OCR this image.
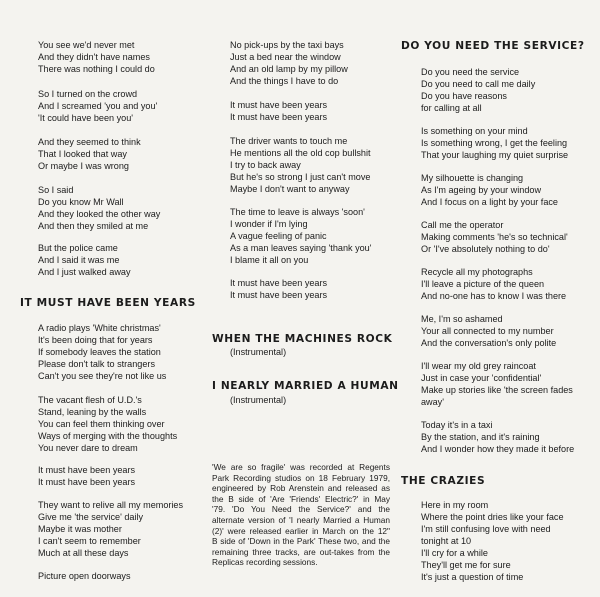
You see we'd never met
And they didn't have names
There was nothing I could do
So I turned on the crowd
And I screamed 'you and you'
'It could have been you'
And they seemed to think
That I looked that way
Or maybe I was wrong
So I said
Do you know Mr Wall
And they looked the other way
And then they smiled at me
But the police came
And I said it was me
And I just walked away
IT MUST HAVE BEEN YEARS
A radio plays 'White christmas'
It's been doing that for years
If somebody leaves the station
Please don't talk to strangers
Can't you see they're not like us
The vacant flesh of U.D.'s
Stand, leaning by the walls
You can feel them thinking over
Ways of merging with the thoughts
You never dare to dream
It must have been years
It must have been years
They want to relive all my memories
Give me 'the service' daily
Maybe it was mother
I can't seem to remember
Much at all these days
Picture open doorways
No pick-ups by the taxi bays
Just a bed near the window
And an old lamp by my pillow
And the things I have to do
It must have been years
It must have been years
The driver wants to touch me
He mentions all the old cop bullshit
I try to back away
But he's so strong I just can't move
Maybe I don't want to anyway
The time to leave is always 'soon'
I wonder if I'm lying
A vague feeling of panic
As a man leaves saying 'thank you'
I blame it all on you
It must have been years
It must have been years
WHEN THE MACHINES ROCK
(Instrumental)
I NEARLY MARRIED A HUMAN
(Instrumental)
'We are so fragile' was recorded at Regents
Park Recording studios on 18 February 1979,
engineered by Rob Arenstein and released as
the B side of 'Are 'Friends' Electric?' in May
'79. 'Do You Need the Service?' and the
alternate version of 'I nearly Married a Human
(2)' were released earlier in March on the 12"
B side of 'Down in the Park' These two, and the
remaining three tracks, are out-takes from the
Replicas recording sessions.
DO YOU NEED THE SERVICE?
Do you need the service
Do you need to call me daily
Do you have reasons
for calling at all
Is something on your mind
Is something wrong, I get the feeling
That your laughing my quiet surprise
My silhouette is changing
As I'm ageing by your window
And I focus on a light by your face
Call me the operator
Making comments 'he's so technical'
Or 'I've absolutely nothing to do'
Recycle all my photographs
I'll leave a picture of the queen
And no-one has to know I was there
Me, I'm so ashamed
Your all connected to my number
And the conversation's only polite
I'll wear my old grey raincoat
Just in case your 'confidential'
Make up stories like 'the screen fades
away'
Today it's in a taxi
By the station, and it's raining
And I wonder how they made it before
THE CRAZIES
Here in my room
Where the point dries like your face
I'm still confusing love with need
tonight at 10
I'll cry for a while
They'll get me for sure
It's just a question of time
